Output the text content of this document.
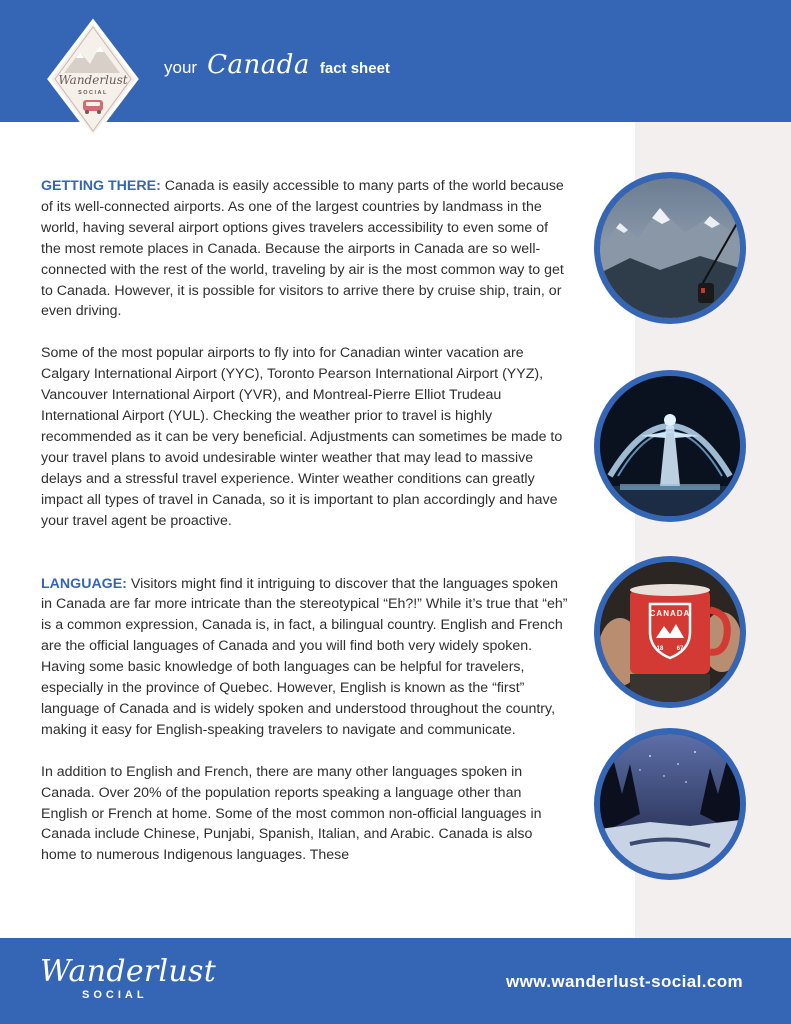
Wanderlust
SOCIAL
your Canada fact sheet
CANADA
18 67

GETTING THERE: Canada is easily accessible to many parts of the world because of its well-connected airports. As one of the largest countries by landmass in the world, having several airport options gives travelers accessibility to even some of the most remote places in Canada. Because the airports in Canada are so well-connected with the rest of the world, traveling by air is the most common way to get to Canada. However, it is possible for visitors to arrive there by cruise ship, train, or even driving.

Some of the most popular airports to fly into for Canadian winter vacation are Calgary International Airport (YYC), Toronto Pearson International Airport (YYZ), Vancouver International Airport (YVR), and Montreal-Pierre Elliot Trudeau International Airport (YUL). Checking the weather prior to travel is highly recommended as it can be very beneficial. Adjustments can sometimes be made to your travel plans to avoid undesirable winter weather that may lead to massive delays and a stressful travel experience. Winter weather conditions can greatly impact all types of travel in Canada, so it is important to plan accordingly and have your travel agent be proactive.

LANGUAGE: Visitors might find it intriguing to discover that the languages spoken in Canada are far more intricate than the stereotypical “Eh?!” While it’s true that “eh” is a common expression, Canada is, in fact, a bilingual country. English and French are the official languages of Canada and you will find both very widely spoken. Having some basic knowledge of both languages can be helpful for travelers, especially in the province of Quebec. However, English is known as the “first” language of Canada and is widely spoken and understood throughout the country, making it easy for English-speaking travelers to navigate and communicate.

In addition to English and French, there are many other languages spoken in Canada. Over 20% of the population reports speaking a language other than English or French at home. Some of the most common non-official languages in Canada include Chinese, Punjabi, Spanish, Italian, and Arabic. Canada is also home to numerous Indigenous languages. These

Wanderlust
SOCIAL
www.wanderlust-social.com
